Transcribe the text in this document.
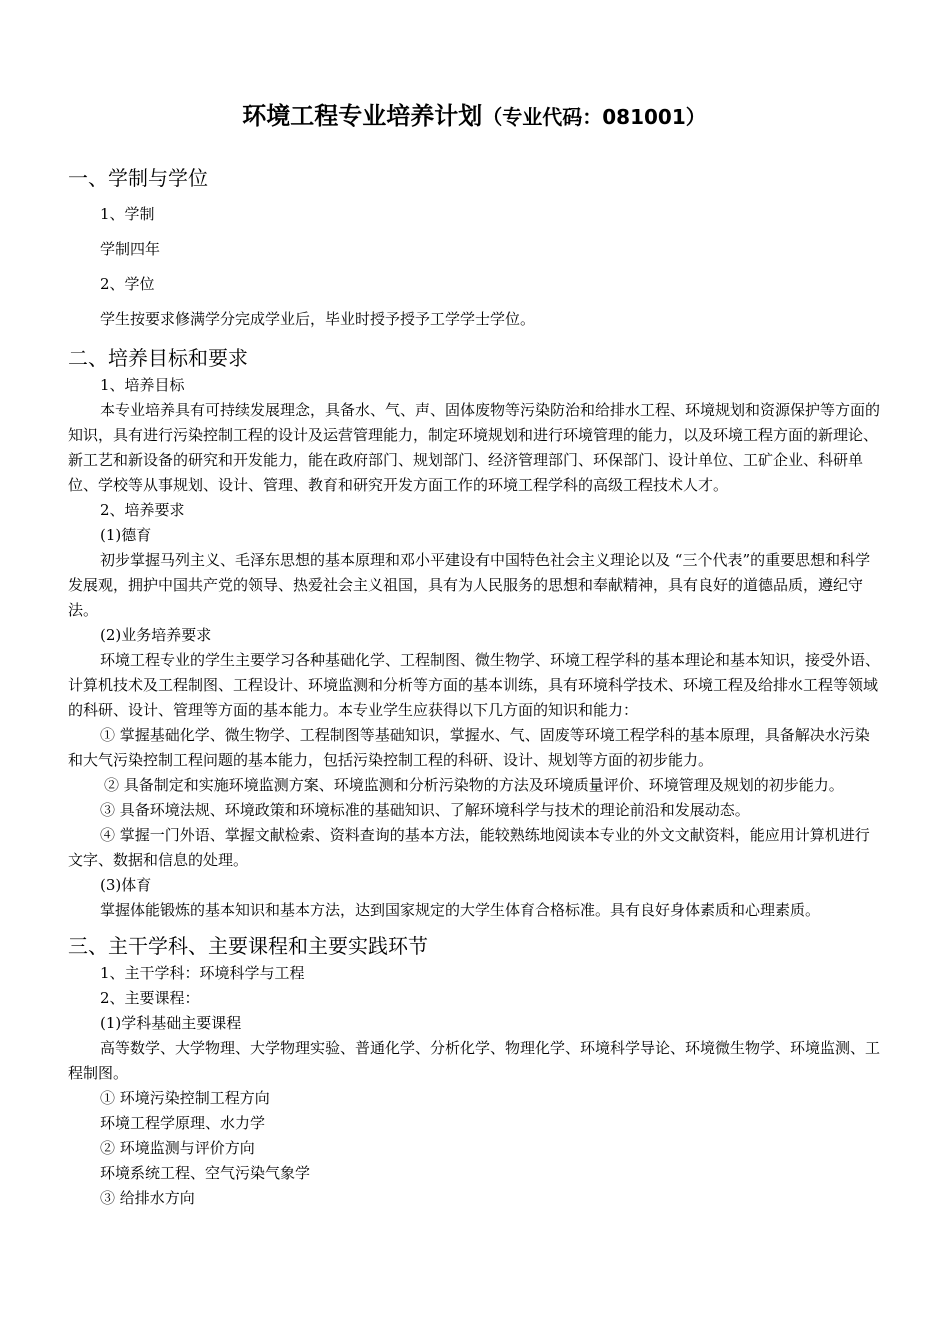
环境工程专业培养计划（专业代码：081001）
一、学制与学位

1、学制

学制四年

2、学位

学生按要求修满学分完成学业后，毕业时授予授予工学学士学位。

二、培养目标和要求

1、培养目标

本专业培养具有可持续发展理念，具备水、气、声、固体废物等污染防治和给排水工程、环境规划和资源保护等方面的知识，具有进行污染控制工程的设计及运营管理能力，制定环境规划和进行环境管理的能力，以及环境工程方面的新理论、新工艺和新设备的研究和开发能力，能在政府部门、规划部门、经济管理部门、环保部门、设计单位、工矿企业、科研单位、学校等从事规划、设计、管理、教育和研究开发方面工作的环境工程学科的高级工程技术人才。

2、培养要求

(1)德育

初步掌握马列主义、毛泽东思想的基本原理和邓小平建设有中国特色社会主义理论以及 “三个代表”的重要思想和科学发展观，拥护中国共产党的领导、热爱社会主义祖国，具有为人民服务的思想和奉献精神，具有良好的道德品质，遵纪守法。

(2)业务培养要求

环境工程专业的学生主要学习各种基础化学、工程制图、微生物学、环境工程学科的基本理论和基本知识，接受外语、计算机技术及工程制图、工程设计、环境监测和分析等方面的基本训练，具有环境科学技术、环境工程及给排水工程等领域的科研、设计、管理等方面的基本能力。本专业学生应获得以下几方面的知识和能力：

① 掌握基础化学、微生物学、工程制图等基础知识，掌握水、气、固废等环境工程学科的基本原理，具备解决水污染和大气污染控制工程问题的基本能力，包括污染控制工程的科研、设计、规划等方面的初步能力。

② 具备制定和实施环境监测方案、环境监测和分析污染物的方法及环境质量评价、环境管理及规划的初步能力。

③ 具备环境法规、环境政策和环境标准的基础知识、了解环境科学与技术的理论前沿和发展动态。

④ 掌握一门外语、掌握文献检索、资料查询的基本方法，能较熟练地阅读本专业的外文文献资料，能应用计算机进行文字、数据和信息的处理。

(3)体育

掌握体能锻炼的基本知识和基本方法，达到国家规定的大学生体育合格标准。具有良好身体素质和心理素质。

三、主干学科、主要课程和主要实践环节

1、主干学科：环境科学与工程

2、主要课程：

(1)学科基础主要课程

高等数学、大学物理、大学物理实验、普通化学、分析化学、物理化学、环境科学导论、环境微生物学、环境监测、工程制图。

① 环境污染控制工程方向

环境工程学原理、水力学

② 环境监测与评价方向

环境系统工程、空气污染气象学

③ 给排水方向
